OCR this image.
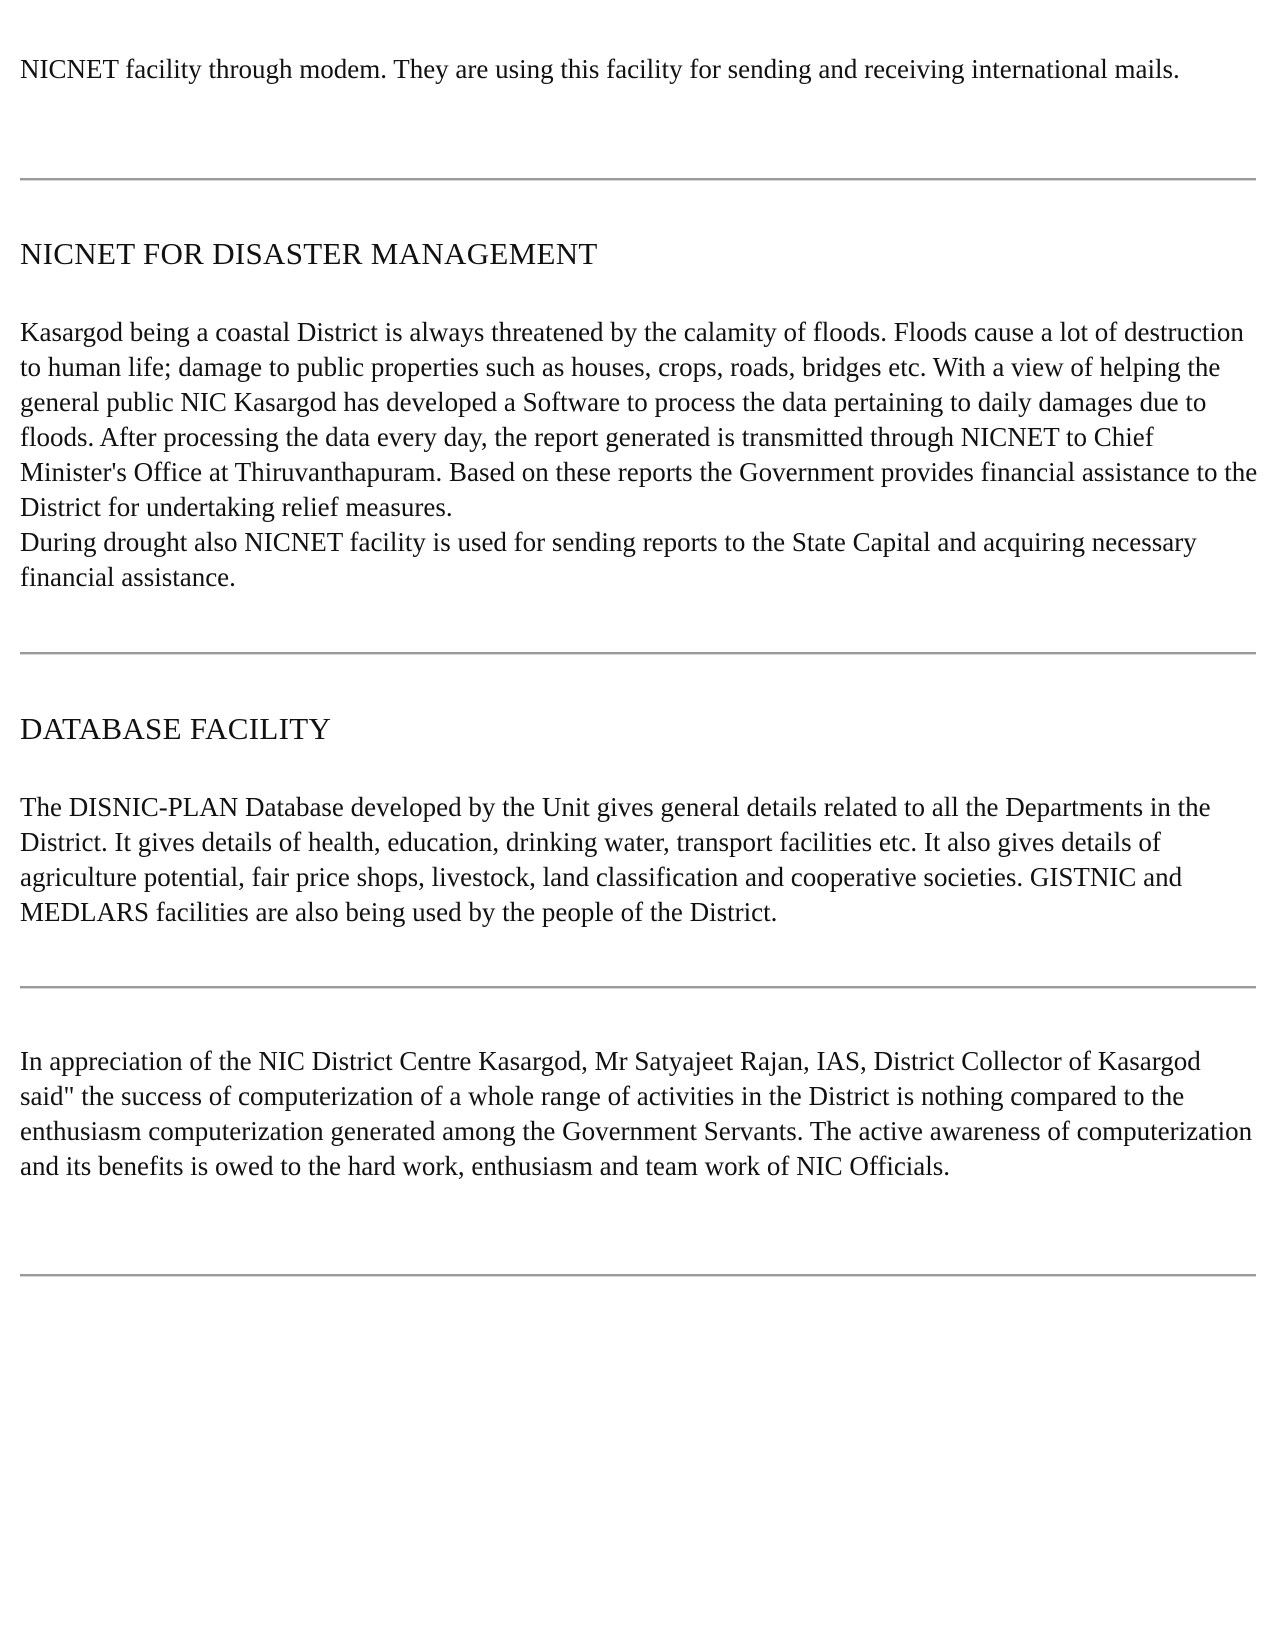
NICNET facility through modem. They are using this facility for sending and receiving international mails.

NICNET FOR DISASTER MANAGEMENT

Kasargod being a coastal District is always threatened by the calamity of floods. Floods cause a lot of destruction to human life; damage to public properties such as houses, crops, roads, bridges etc. With a view of helping the general public NIC Kasargod has developed a Software to process the data pertaining to daily damages due to floods. After processing the data every day, the report generated is transmitted through NICNET to Chief Minister's Office at Thiruvanthapuram. Based on these reports the Government provides financial assistance to the District for undertaking relief measures.

During drought also NICNET facility is used for sending reports to the State Capital and acquiring necessary financial assistance.

DATABASE FACILITY

The DISNIC-PLAN Database developed by the Unit gives general details related to all the Departments in the District. It gives details of health, education, drinking water, transport facilities etc. It also gives details of agriculture potential, fair price shops, livestock, land classification and cooperative societies. GISTNIC and MEDLARS facilities are also being used by the people of the District.

In appreciation of the NIC District Centre Kasargod, Mr Satyajeet Rajan, IAS, District Collector of Kasargod said" the success of computerization of a whole range of activities in the District is nothing compared to the enthusiasm computerization generated among the Government Servants. The active awareness of computerization and its benefits is owed to the hard work, enthusiasm and team work of NIC Officials.
